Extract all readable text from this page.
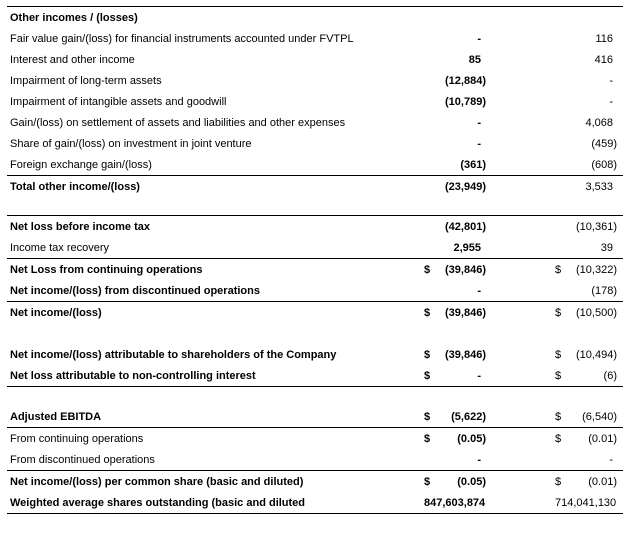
Other incomes / (losses)
Fair value gain/(loss) for financial instruments accounted under FVTPL	-	116
Interest and other income	85	416
Impairment of long-term assets	(12,884)	-
Impairment of intangible assets and goodwill	(10,789)	-
Gain/(loss) on settlement of assets and liabilities and other expenses	-	4,068
Share of gain/(loss) on investment in joint venture	-	(459)
Foreign exchange gain/(loss)	(361)	(608)
Total other income/(loss)	(23,949)	3,533
Net loss before income tax	(42,801)	(10,361)
Income tax recovery	2,955	39
Net Loss from continuing operations	$ (39,846)	$ (10,322)
Net income/(loss) from discontinued operations	-	(178)
Net income/(loss)	$ (39,846)	$ (10,500)
Net income/(loss) attributable to shareholders of the Company	$ (39,846)	$ (10,494)
Net loss attributable to non-controlling interest	$	-	$	(6)
Adjusted EBITDA	$ (5,622)	$ (6,540)
From continuing operations	$ (0.05)	$ (0.01)
From discontinued operations	-	-
Net income/(loss) per common share (basic and diluted)	$ (0.05)	$ (0.01)
Weighted average shares outstanding (basic and diluted	847,603,874	714,041,130
